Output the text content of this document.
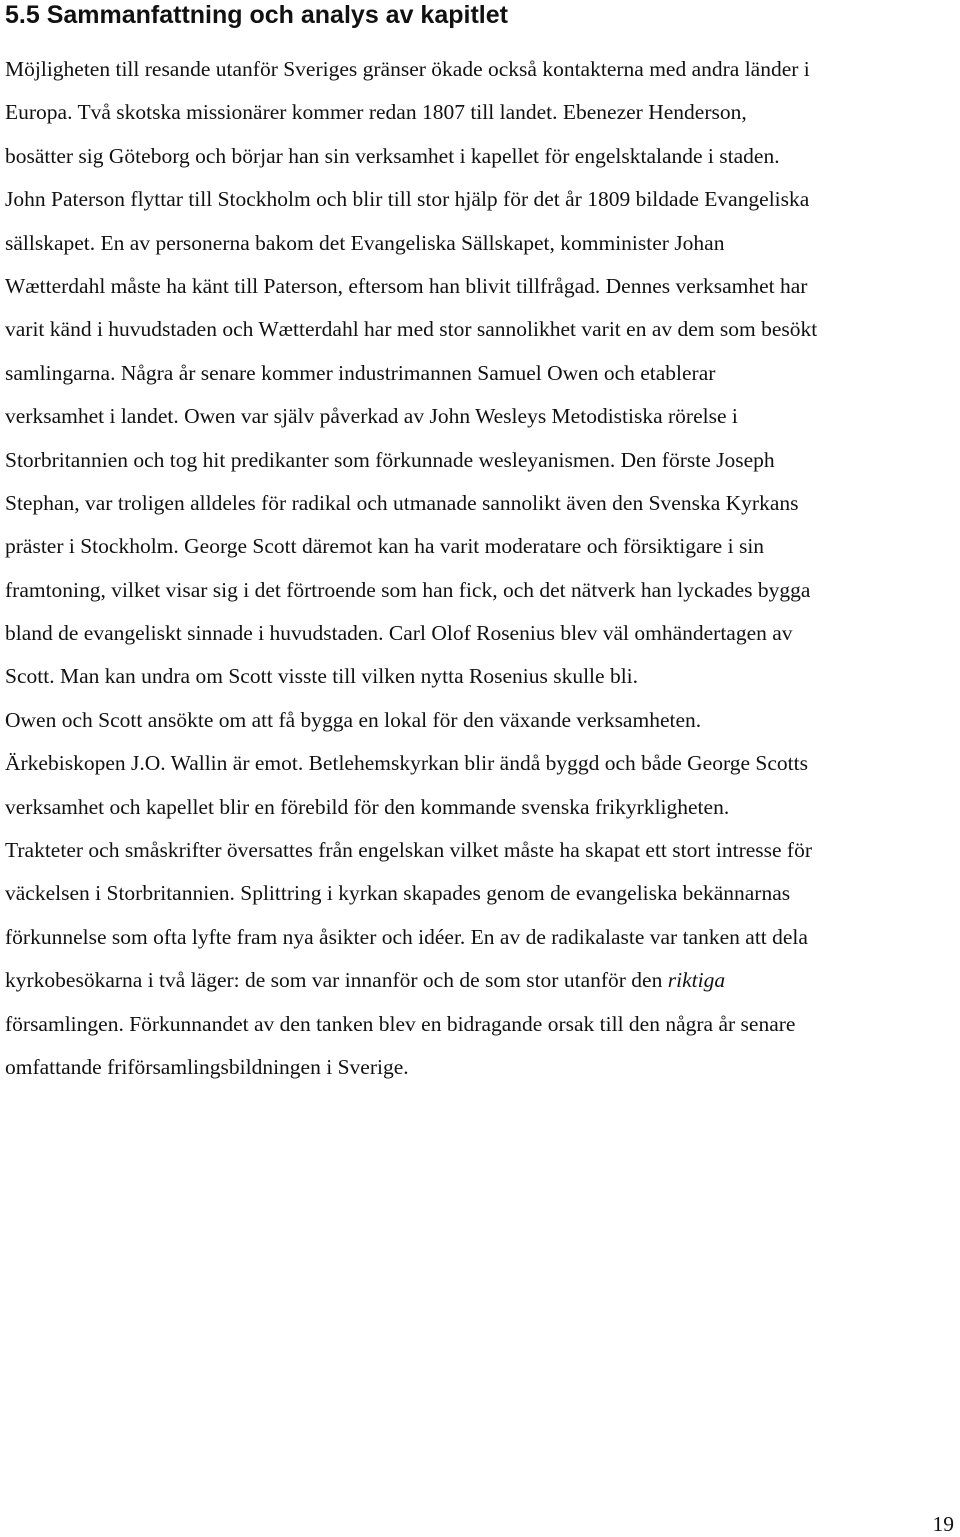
5.5 Sammanfattning och analys av kapitlet
Möjligheten till resande utanför Sveriges gränser ökade också kontakterna med andra länder i
Europa. Två skotska missionärer kommer redan 1807 till landet. Ebenezer Henderson,
bosätter sig Göteborg och börjar han sin verksamhet i kapellet för engelsktalande i staden.
John Paterson flyttar till Stockholm och blir till stor hjälp för det år 1809 bildade Evangeliska
sällskapet. En av personerna bakom det Evangeliska Sällskapet, komminister Johan
Wætterdahl måste ha känt till Paterson, eftersom han blivit tillfrågad. Dennes verksamhet har
varit känd i huvudstaden och Wætterdahl har med stor sannolikhet varit en av dem som besökt
samlingarna. Några år senare kommer industrimannen Samuel Owen och etablerar
verksamhet i landet. Owen var själv påverkad av John Wesleys Metodistiska rörelse i
Storbritannien och tog hit predikanter som förkunnade wesleyanismen. Den förste Joseph
Stephan, var troligen alldeles för radikal och utmanade sannolikt även den Svenska Kyrkans
präster i Stockholm. George Scott däremot kan ha varit moderatare och försiktigare i sin
framtoning, vilket visar sig i det förtroende som han fick, och det nätverk han lyckades bygga
bland de evangeliskt sinnade i huvudstaden. Carl Olof Rosenius blev väl omhändertagen av
Scott. Man kan undra om Scott visste till vilken nytta Rosenius skulle bli.
Owen och Scott ansökte om att få bygga en lokal för den växande verksamheten.
Ärkebiskopen J.O. Wallin är emot. Betlehemskyrkan blir ändå byggd och både George Scotts
verksamhet och kapellet blir en förebild för den kommande svenska frikyrkligheten.
Trakteter och småskrifter översattes från engelskan vilket måste ha skapat ett stort intresse för
väckelsen i Storbritannien. Splittring i kyrkan skapades genom de evangeliska bekännarnas
förkunnelse som ofta lyfte fram nya åsikter och idéer. En av de radikalaste var tanken att dela
kyrkobesökarna i två läger: de som var innanför och de som stor utanför den riktiga
församlingen. Förkunnandet av den tanken blev en bidragande orsak till den några år senare
omfattande friförsamlingsbildningen i Sverige.
19
